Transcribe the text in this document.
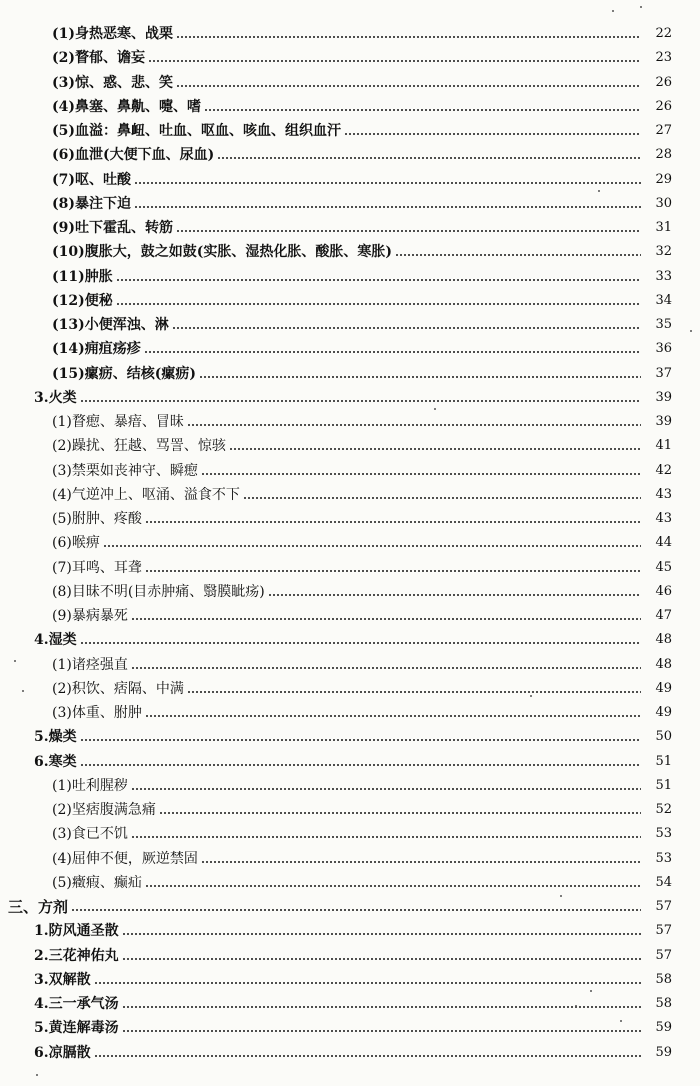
(1)身热恶寒、战栗	22
(2)瞀郁、谵妄	23
(3)惊、惑、悲、笑	26
(4)鼻塞、鼻鼽、嚏、嗜	26
(5)血溢：鼻衄、吐血、呕血、咳血、组织血汗	27
(6)血泄(大便下血、尿血)	28
(7)呕、吐酸	29
(8)暴注下迫	30
(9)吐下霍乱、转筋	31
(10)腹胀大，鼓之如鼓(实胀、湿热化胀、酸胀、寒胀)	32
(11)肿胀	33
(12)便秘	34
(13)小便浑浊、淋	35
(14)痈疽疡疹	36
(15)瘰疬、结核(瘰疬)	37
3.火类	39
(1)瞀瘛、暴瘖、冒昧	39
(2)躁扰、狂越、骂詈、惊骇	41
(3)禁栗如丧神守、瞬瘛	42
(4)气逆冲上、呕涌、溢食不下	43
(5)胕肿、疼酸	43
(6)喉痹	44
(7)耳鸣、耳聋	45
(8)目昧不明(目赤肿痛、翳膜眦疡)	46
(9)暴病暴死	47
4.湿类	48
(1)诸痉强直	48
(2)积饮、痞隔、中满	49
(3)体重、胕肿	49
5.燥类	50
6.寒类	51
(1)吐利腥秽	51
(2)坚痞腹满急痛	52
(3)食已不饥	53
(4)屈伸不便，厥逆禁固	53
(5)癥瘕、癫疝	54
三、方剂	57
1.防风通圣散	57
2.三花神佑丸	57
3.双解散	58
4.三一承气汤	58
5.黄连解毒汤	59
6.凉膈散	59
